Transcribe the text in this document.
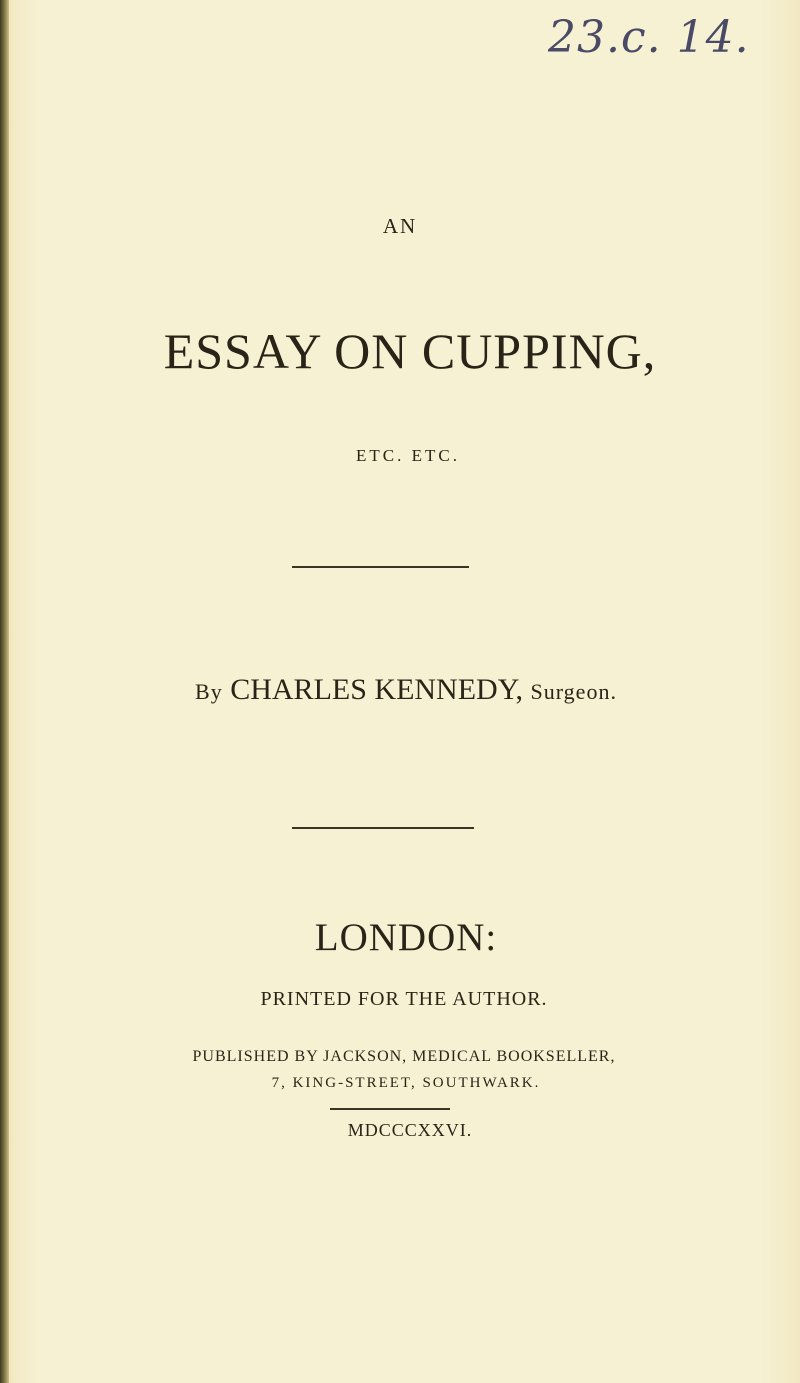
23.c. 14.
AN
ESSAY ON CUPPING,
ETC. ETC.
By CHARLES KENNEDY, Surgeon.
LONDON:
PRINTED FOR THE AUTHOR.
PUBLISHED BY JACKSON, MEDICAL BOOKSELLER,
7, KING-STREET, SOUTHWARK.
MDCCCXXVI.
